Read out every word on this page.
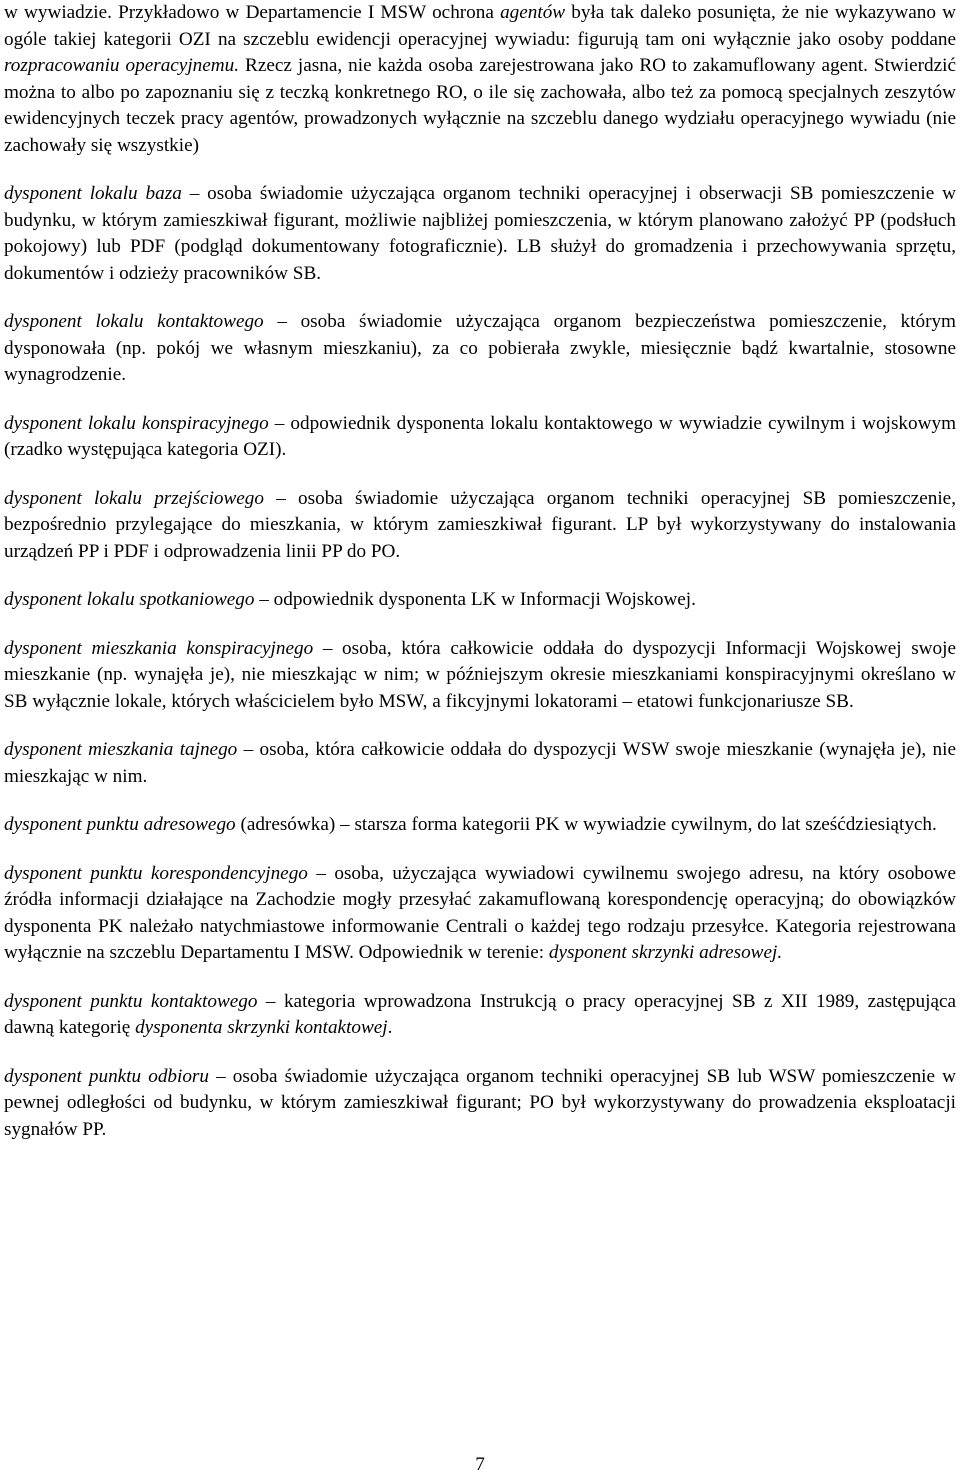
w wywiadzie. Przykładowo w Departamencie I MSW ochrona agentów była tak daleko posunięta, że nie wykazywano w ogóle takiej kategorii OZI na szczeblu ewidencji operacyjnej wywiadu: figurują tam oni wyłącznie jako osoby poddane rozpracowaniu operacyjnemu. Rzecz jasna, nie każda osoba zarejestrowana jako RO to zakamuflowany agent. Stwierdzić można to albo po zapoznaniu się z teczką konkretnego RO, o ile się zachowała, albo też za pomocą specjalnych zeszytów ewidencyjnych teczek pracy agentów, prowadzonych wyłącznie na szczeblu danego wydziału operacyjnego wywiadu (nie zachowały się wszystkie)

dysponent lokalu baza – osoba świadomie użyczająca organom techniki operacyjnej i obserwacji SB pomieszczenie w budynku, w którym zamieszkiwał figurant, możliwie najbliżej pomieszczenia, w którym planowano założyć PP (podsłuch pokojowy) lub PDF (podgląd dokumentowany fotograficznie). LB służył do gromadzenia i przechowywania sprzętu, dokumentów i odzieży pracowników SB.

dysponent lokalu kontaktowego – osoba świadomie użyczająca organom bezpieczeństwa pomieszczenie, którym dysponowała (np. pokój we własnym mieszkaniu), za co pobierała zwykle, miesięcznie bądź kwartalnie, stosowne wynagrodzenie.

dysponent lokalu konspiracyjnego – odpowiednik dysponenta lokalu kontaktowego w wywiadzie cywilnym i wojskowym (rzadko występująca kategoria OZI).

dysponent lokalu przejściowego – osoba świadomie użyczająca organom techniki operacyjnej SB pomieszczenie, bezpośrednio przylegające do mieszkania, w którym zamieszkiwał figurant. LP był wykorzystywany do instalowania urządzeń PP i PDF i odprowadzenia linii PP do PO.

dysponent lokalu spotkaniowego – odpowiednik dysponenta LK w Informacji Wojskowej.

dysponent mieszkania konspiracyjnego – osoba, która całkowicie oddała do dyspozycji Informacji Wojskowej swoje mieszkanie (np. wynajęła je), nie mieszkając w nim; w późniejszym okresie mieszkaniami konspiracyjnymi określano w SB wyłącznie lokale, których właścicielem było MSW, a fikcyjnymi lokatorami – etatowi funkcjonariusze SB.

dysponent mieszkania tajnego – osoba, która całkowicie oddała do dyspozycji WSW swoje mieszkanie (wynajęła je), nie mieszkając w nim.

dysponent punktu adresowego (adresówka) – starsza forma kategorii PK w wywiadzie cywilnym, do lat sześćdziesiątych.

dysponent punktu korespondencyjnego – osoba, użyczająca wywiadowi cywilnemu swojego adresu, na który osobowe źródła informacji działające na Zachodzie mogły przesyłać zakamuflowaną korespondencję operacyjną; do obowiązków dysponenta PK należało natychmiastowe informowanie Centrali o każdej tego rodzaju przesyłce. Kategoria rejestrowana wyłącznie na szczeblu Departamentu I MSW. Odpowiednik w terenie: dysponent skrzynki adresowej.

dysponent punktu kontaktowego – kategoria wprowadzona Instrukcją o pracy operacyjnej SB z XII 1989, zastępująca dawną kategorię dysponenta skrzynki kontaktowej.

dysponent punktu odbioru – osoba świadomie użyczająca organom techniki operacyjnej SB lub WSW pomieszczenie w pewnej odległości od budynku, w którym zamieszkiwał figurant; PO był wykorzystywany do prowadzenia eksploatacji sygnałów PP.

7
